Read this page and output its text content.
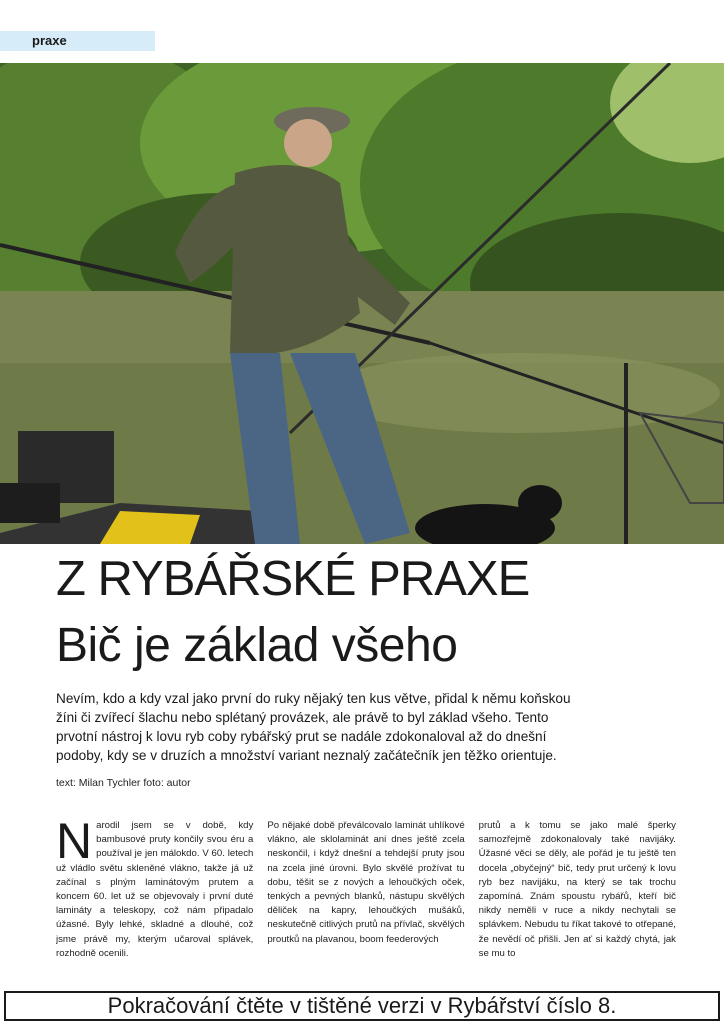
praxe
Z RYBÁŘSKÉ PRAXE
Bič je základ všeho

Nevím, kdo a kdy vzal jako první do ruky nějaký ten kus větve, přidal k němu koňskou žíni či zvířecí šlachu nebo splétaný provázek, ale právě to byl základ všeho. Tento prvotní nástroj k lovu ryb coby rybářský prut se nadále zdokonaloval až do dnešní podoby, kdy se v druzích a množství variant neznalý začátečník jen těžko orientuje.

text: Milan Tychler foto: autor

N arodil jsem se v době, kdy bambusové pruty končily svou éru a používal je jen málokdo. V 60. letech už vládlo světu skleněné vlákno, takže já už začínal s plným laminátovým prutem a koncem 60. let už se objevovaly i první duté lamináty a teleskopy, což nám připadalo úžasné. Byly lehké, skladné a dlouhé, což jsme právě my, kterým učaroval splávek, rozhodně ocenili.

Po nějaké době převálcovalo laminát uhlíkové vlákno, ale sklolaminát ani dnes ještě zcela neskončil, i když dnešní a tehdejší pruty jsou na zcela jiné úrovni. Bylo skvělé prožívat tu dobu, těšit se z nových a lehoučkých oček, tenkých a pevných blanků, nástupu skvělých děliček na kapry, lehoučkých mušáků, neskutečně citlivých prutů na přívlač, skvělých proutků na plavanou, boom feederových

prutů a k tomu se jako malé šperky samozřejmě zdokonalovaly také navijáky. Úžasné věci se děly, ale pořád je tu ještě ten docela „obyčejný“ bič, tedy prut určený k lovu ryb bez navijáku, na který se tak trochu zapomíná. Znám spoustu rybářů, kteří bič nikdy neměli v ruce a nikdy nechytali se splávkem. Nebudu tu říkat takové to otřepané, že nevědí oč přišli. Jen ať si každý chytá, jak se mu to

Pokračování čtěte v tištěné verzi v Rybářství číslo 8.
